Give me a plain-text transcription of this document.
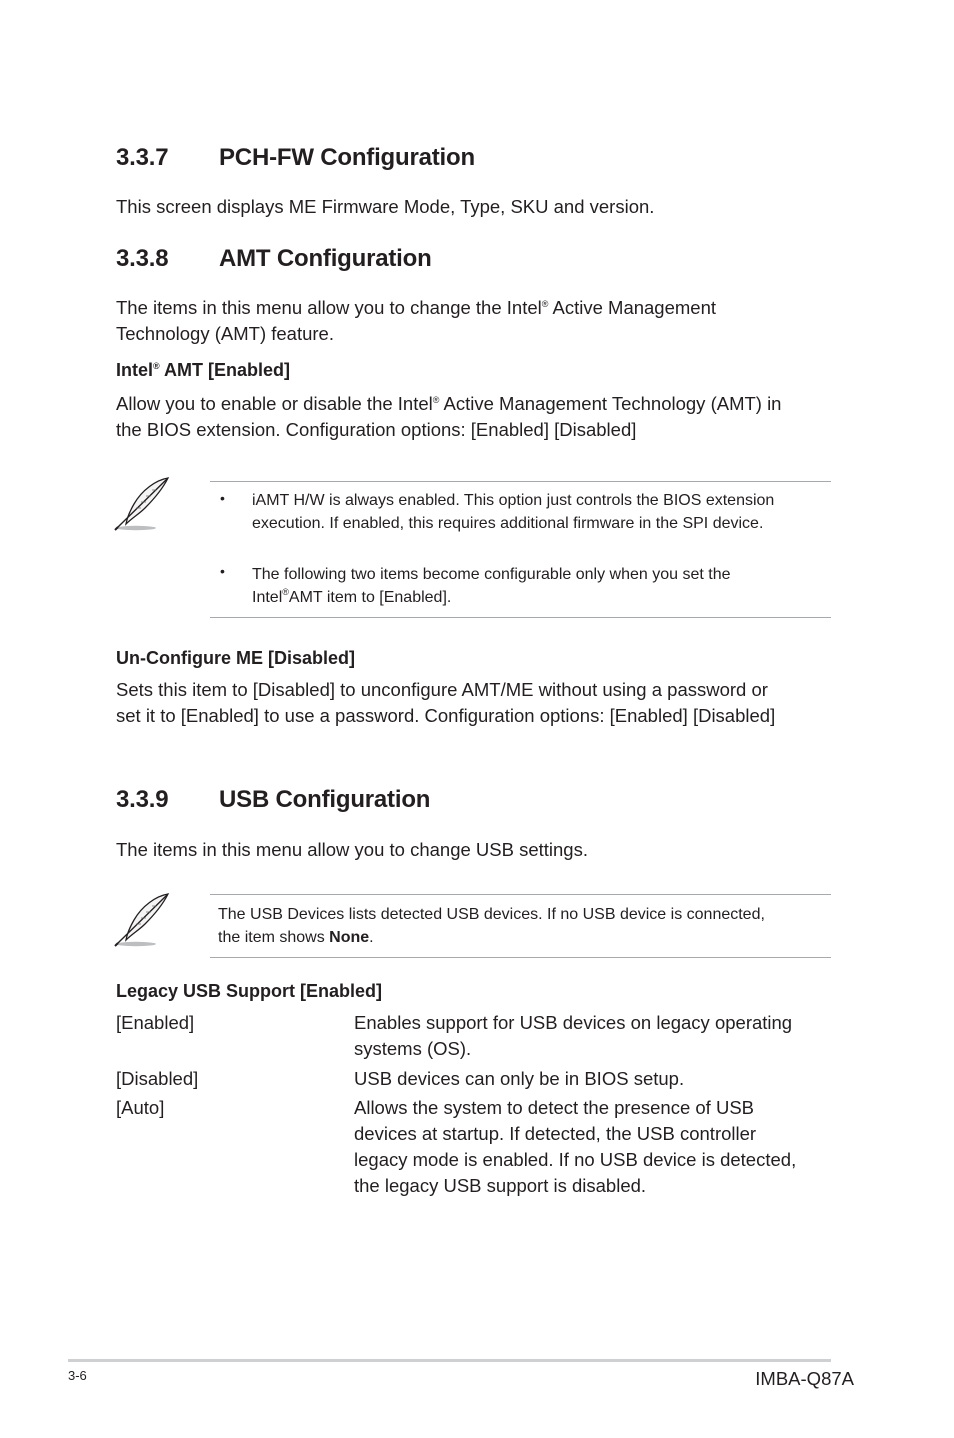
3.3.7 PCH-FW Configuration
This screen displays ME Firmware Mode, Type, SKU and version.
3.3.8 AMT Configuration
The items in this menu allow you to change the Intel® Active Management
Technology (AMT) feature.
Intel® AMT [Enabled]
Allow you to enable or disable the Intel® Active Management Technology (AMT) in
the BIOS extension. Configuration options: [Enabled] [Disabled]
• iAMT H/W is always enabled. This option just controls the BIOS extension
execution. If enabled, this requires additional firmware in the SPI device.
• The following two items become configurable only when you set the
Intel®AMT item to [Enabled].
Un-Configure ME [Disabled]
Sets this item to [Disabled] to unconfigure AMT/ME without using a password or
set it to [Enabled] to use a password. Configuration options: [Enabled] [Disabled]
3.3.9 USB Configuration
The items in this menu allow you to change USB settings.
The USB Devices lists detected USB devices. If no USB device is connected,
the item shows None.
Legacy USB Support [Enabled]
[Enabled]	Enables support for USB devices on legacy operating
systems (OS).
[Disabled]	USB devices can only be in BIOS setup.
[Auto]	Allows the system to detect the presence of USB
devices at startup. If detected, the USB controller
legacy mode is enabled. If no USB device is detected,
the legacy USB support is disabled.
3-6	IMBA-Q87A
